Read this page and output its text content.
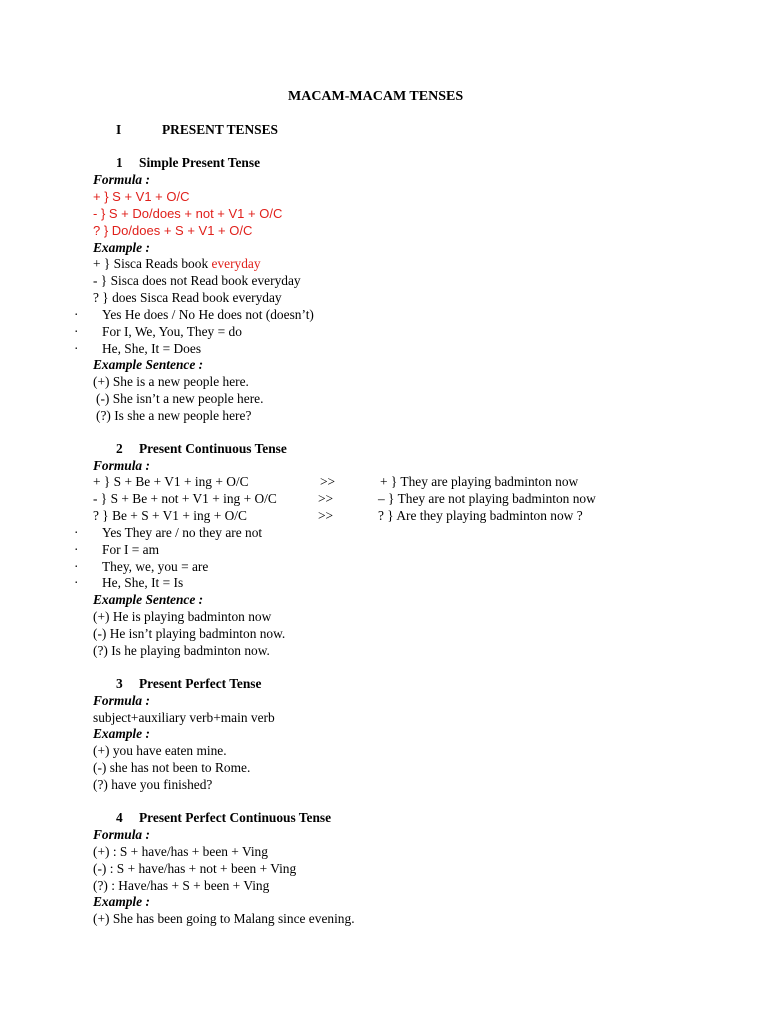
MACAM-MACAM TENSES
I	PRESENT TENSES
1 Simple Present Tense
Formula :
+ } S + V1 + O/C
- } S + Do/does + not + V1 + O/C
? } Do/does + S + V1 + O/C
Example :
+ } Sisca Reads book everyday
- } Sisca does not Read book everyday
? } does Sisca Read book everyday
· Yes He does / No He does not (doesn’t)
· For I, We, You, They = do
· He, She, It = Does
Example Sentence :
(+) She is a new people here.
(-) She isn’t a new people here.
(?) Is she a new people here?
2 Present Continuous Tense
Formula :
+ } S + Be + V1 + ing + O/C	>>	+ } They are playing badminton now
- } S + Be + not + V1 + ing + O/C	>>	– } They are not playing badminton now
? } Be + S + V1 + ing + O/C	>>	? } Are they playing badminton now ?
· Yes They are / no they are not
· For I = am
· They, we, you = are
· He, She, It = Is
Example Sentence :
(+) He is playing badminton now
(-) He isn’t playing badminton now.
(?) Is he playing badminton now.
3 Present Perfect Tense
Formula :
subject+auxiliary verb+main verb
Example :
(+) you have eaten mine.
(-) she has not been to Rome.
(?) have you finished?
4 Present Perfect Continuous Tense
Formula :
(+) : S + have/has + been + Ving
(-) : S + have/has + not + been + Ving
(?) : Have/has + S + been + Ving
Example :
(+) She has been going to Malang since evening.
